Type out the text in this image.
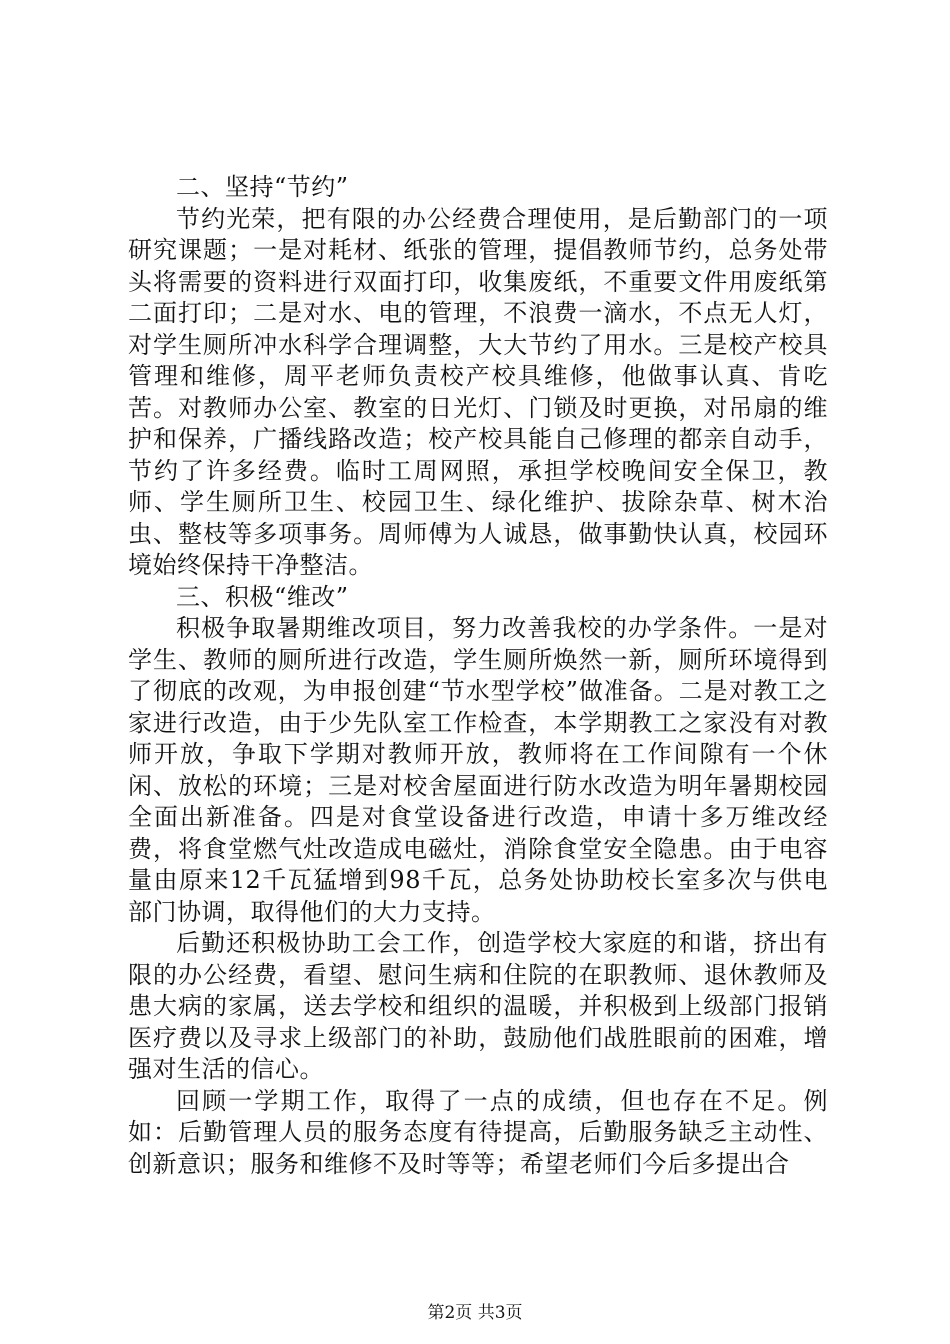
二、坚持“节约”

节约光荣，把有限的办公经费合理使用，是后勤部门的一项研究课题；一是对耗材、纸张的管理，提倡教师节约，总务处带头将需要的资料进行双面打印，收集废纸，不重要文件用废纸第二面打印；二是对水、电的管理，不浪费一滴水，不点无人灯，对学生厕所冲水科学合理调整，大大节约了用水。三是校产校具管理和维修，周平老师负责校产校具维修，他做事认真、肯吃苦。对教师办公室、教室的日光灯、门锁及时更换，对吊扇的维护和保养，广播线路改造；校产校具能自己修理的都亲自动手，节约了许多经费。临时工周网照，承担学校晚间安全保卫，教师、学生厕所卫生、校园卫生、绿化维护、拔除杂草、树木治虫、整枝等多项事务。周师傅为人诚恳，做事勤快认真，校园环境始终保持干净整洁。

三、积极“维改”

积极争取暑期维改项目，努力改善我校的办学条件。一是对学生、教师的厕所进行改造，学生厕所焕然一新，厕所环境得到了彻底的改观，为申报创建“节水型学校”做准备。二是对教工之家进行改造，由于少先队室工作检查，本学期教工之家没有对教师开放，争取下学期对教师开放，教师将在工作间隙有一个休闲、放松的环境；三是对校舍屋面进行防水改造为明年暑期校园全面出新准备。四是对食堂设备进行改造，申请十多万维改经费，将食堂燃气灶改造成电磁灶，消除食堂安全隐患。由于电容量由原来12千瓦猛增到98千瓦，总务处协助校长室多次与供电部门协调，取得他们的大力支持。

后勤还积极协助工会工作，创造学校大家庭的和谐，挤出有限的办公经费，看望、慰问生病和住院的在职教师、退休教师及患大病的家属，送去学校和组织的温暖，并积极到上级部门报销医疗费以及寻求上级部门的补助，鼓励他们战胜眼前的困难，增强对生活的信心。

回顾一学期工作，取得了一点的成绩，但也存在不足。例如：后勤管理人员的服务态度有待提高，后勤服务缺乏主动性、创新意识；服务和维修不及时等等；希望老师们今后多提出合

第2页 共3页
